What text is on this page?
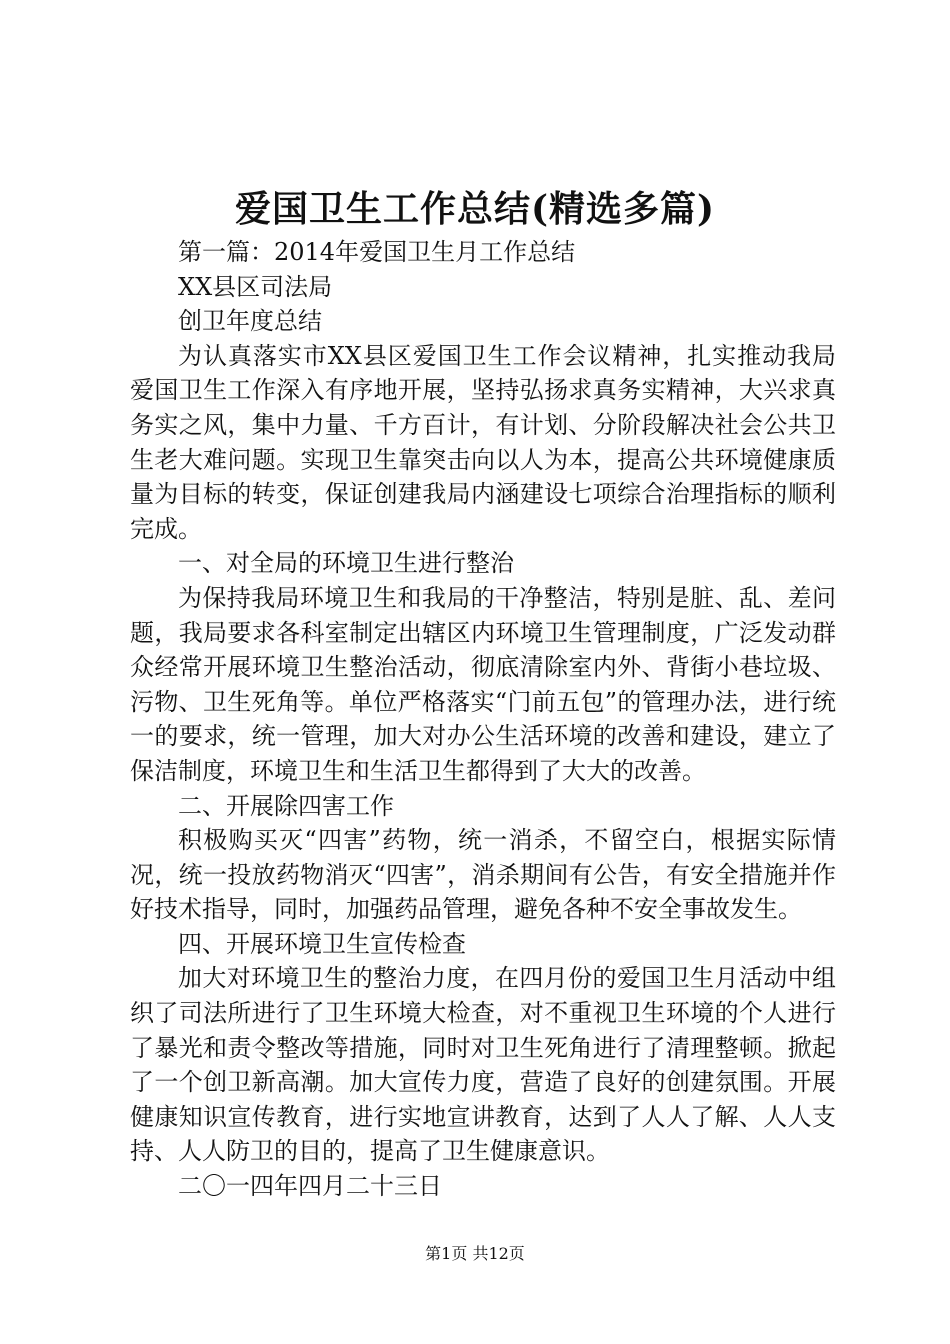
爱国卫生工作总结(精选多篇)

第一篇：2014年爱国卫生月工作总结

XX县区司法局

创卫年度总结

为认真落实市XX县区爱国卫生工作会议精神，扎实推动我局爱国卫生工作深入有序地开展，坚持弘扬求真务实精神，大兴求真务实之风，集中力量、千方百计，有计划、分阶段解决社会公共卫生老大难问题。实现卫生靠突击向以人为本，提高公共环境健康质量为目标的转变，保证创建我局内涵建设七项综合治理指标的顺利完成。

一、对全局的环境卫生进行整治

为保持我局环境卫生和我局的干净整洁，特别是脏、乱、差问题，我局要求各科室制定出辖区内环境卫生管理制度，广泛发动群众经常开展环境卫生整治活动，彻底清除室内外、背街小巷垃圾、污物、卫生死角等。单位严格落实“门前五包”的管理办法，进行统一的要求，统一管理，加大对办公生活环境的改善和建设，建立了保洁制度，环境卫生和生活卫生都得到了大大的改善。

二、开展除四害工作

积极购买灭“四害”药物，统一消杀，不留空白，根据实际情况，统一投放药物消灭“四害”，消杀期间有公告，有安全措施并作好技术指导，同时，加强药品管理，避免各种不安全事故发生。

四、开展环境卫生宣传检查

加大对环境卫生的整治力度，在四月份的爱国卫生月活动中组织了司法所进行了卫生环境大检查，对不重视卫生环境的个人进行了暴光和责令整改等措施，同时对卫生死角进行了清理整顿。掀起了一个创卫新高潮。加大宣传力度，营造了良好的创建氛围。开展健康知识宣传教育，进行实地宣讲教育，达到了人人了解、人人支持、人人防卫的目的，提高了卫生健康意识。

二〇一四年四月二十三日

第1页 共12页
